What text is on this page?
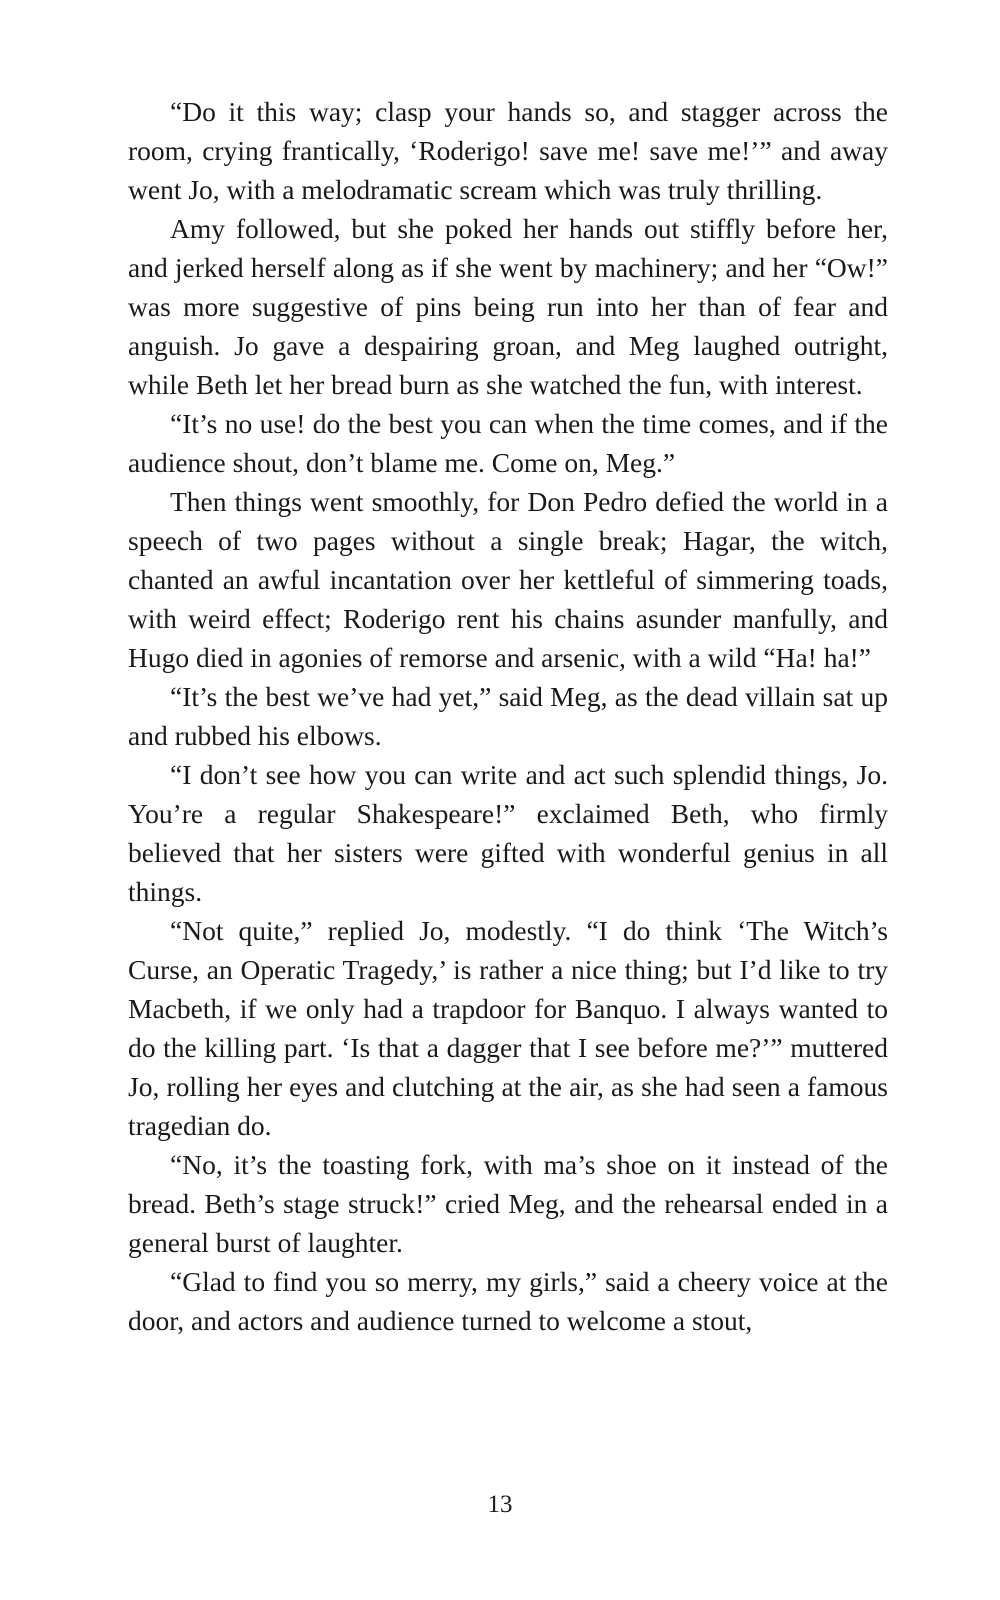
“Do it this way; clasp your hands so, and stagger across the room, crying frantically, ‘Roderigo! save me! save me!’” and away went Jo, with a melodramatic scream which was truly thrilling.

Amy followed, but she poked her hands out stiffly before her, and jerked herself along as if she went by machinery; and her “Ow!” was more suggestive of pins being run into her than of fear and anguish. Jo gave a despairing groan, and Meg laughed outright, while Beth let her bread burn as she watched the fun, with interest.

“It’s no use! do the best you can when the time comes, and if the audience shout, don’t blame me. Come on, Meg.”

Then things went smoothly, for Don Pedro defied the world in a speech of two pages without a single break; Hagar, the witch, chanted an awful incantation over her kettleful of simmering toads, with weird effect; Roderigo rent his chains asunder manfully, and Hugo died in agonies of remorse and arsenic, with a wild “Ha! ha!”

“It’s the best we’ve had yet,” said Meg, as the dead villain sat up and rubbed his elbows.

“I don’t see how you can write and act such splendid things, Jo. You’re a regular Shakespeare!” exclaimed Beth, who firmly believed that her sisters were gifted with wonderful genius in all things.

“Not quite,” replied Jo, modestly. “I do think ‘The Witch’s Curse, an Operatic Tragedy,’ is rather a nice thing; but I’d like to try Macbeth, if we only had a trapdoor for Banquo. I always wanted to do the killing part. ‘Is that a dagger that I see before me?’” muttered Jo, rolling her eyes and clutching at the air, as she had seen a famous tragedian do.

“No, it’s the toasting fork, with ma’s shoe on it instead of the bread. Beth’s stage struck!” cried Meg, and the rehearsal ended in a general burst of laughter.

“Glad to find you so merry, my girls,” said a cheery voice at the door, and actors and audience turned to welcome a stout,

13
